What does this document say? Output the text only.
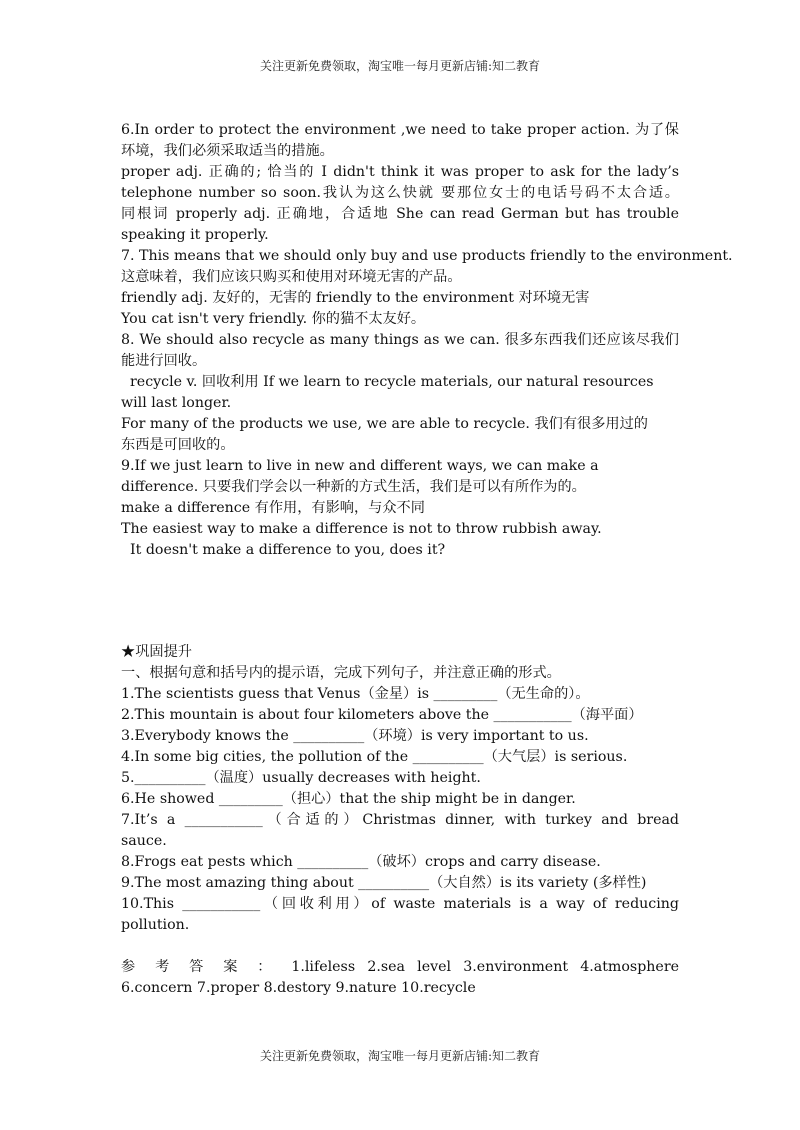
关注更新免费领取，淘宝唯一每月更新店铺:知二教育
6.In order to protect the environment ,we need to take proper action. 为了保
环境，我们必须采取适当的措施。
proper adj. 正确的; 恰当的 I didn't think it was proper to ask for the lady’s
telephone number so soon.我认为这么快就 要那位女士的电话号码不太合适。
同根词 properly adj. 正确地，合适地 She can read German but has trouble
speaking it properly.
7. This means that we should only buy and use products friendly to the environment.
这意味着，我们应该只购买和使用对环境无害的产品。
friendly adj. 友好的，无害的 friendly to the environment 对环境无害
You cat isn't very friendly. 你的猫不太友好。
8. We should also recycle as many things as we can. 很多东西我们还应该尽我们
能进行回收。
recycle v. 回收利用 If we learn to recycle materials, our natural resources
will last longer.
For many of the products we use, we are able to recycle. 我们有很多用过的
东西是可回收的。
9.If we just learn to live in new and different ways, we can make a
difference. 只要我们学会以一种新的方式生活，我们是可以有所作为的。
make a difference 有作用，有影响，与众不同
The easiest way to make a difference is not to throw rubbish away.
It doesn't make a difference to you, does it?
★巩固提升
一、根据句意和括号内的提示语，完成下列句子，并注意正确的形式。
1.The scientists guess that Venus（金星）is _________（无生命的）。
2.This mountain is about four kilometers above the ___________（海平面）
3.Everybody knows the __________（环境）is very important to us.
4.In some big cities, the pollution of the __________（大气层）is serious.
5.__________（温度）usually decreases with height.
6.He showed _________（担心）that the ship might be in danger.
7.It’s a ___________（合适的）Christmas dinner, with turkey and bread
sauce.
8.Frogs eat pests which __________（破坏）crops and carry disease.
9.The most amazing thing about __________（大自然）is its variety (多样性)
10.This ___________（回收利用）of waste materials is a way of reducing
pollution.
参 考 答 案 ： 1.lifeless 2.sea level 3.environment 4.atmosphere
6.concern 7.proper 8.destory 9.nature 10.recycle
关注更新免费领取，淘宝唯一每月更新店铺:知二教育
